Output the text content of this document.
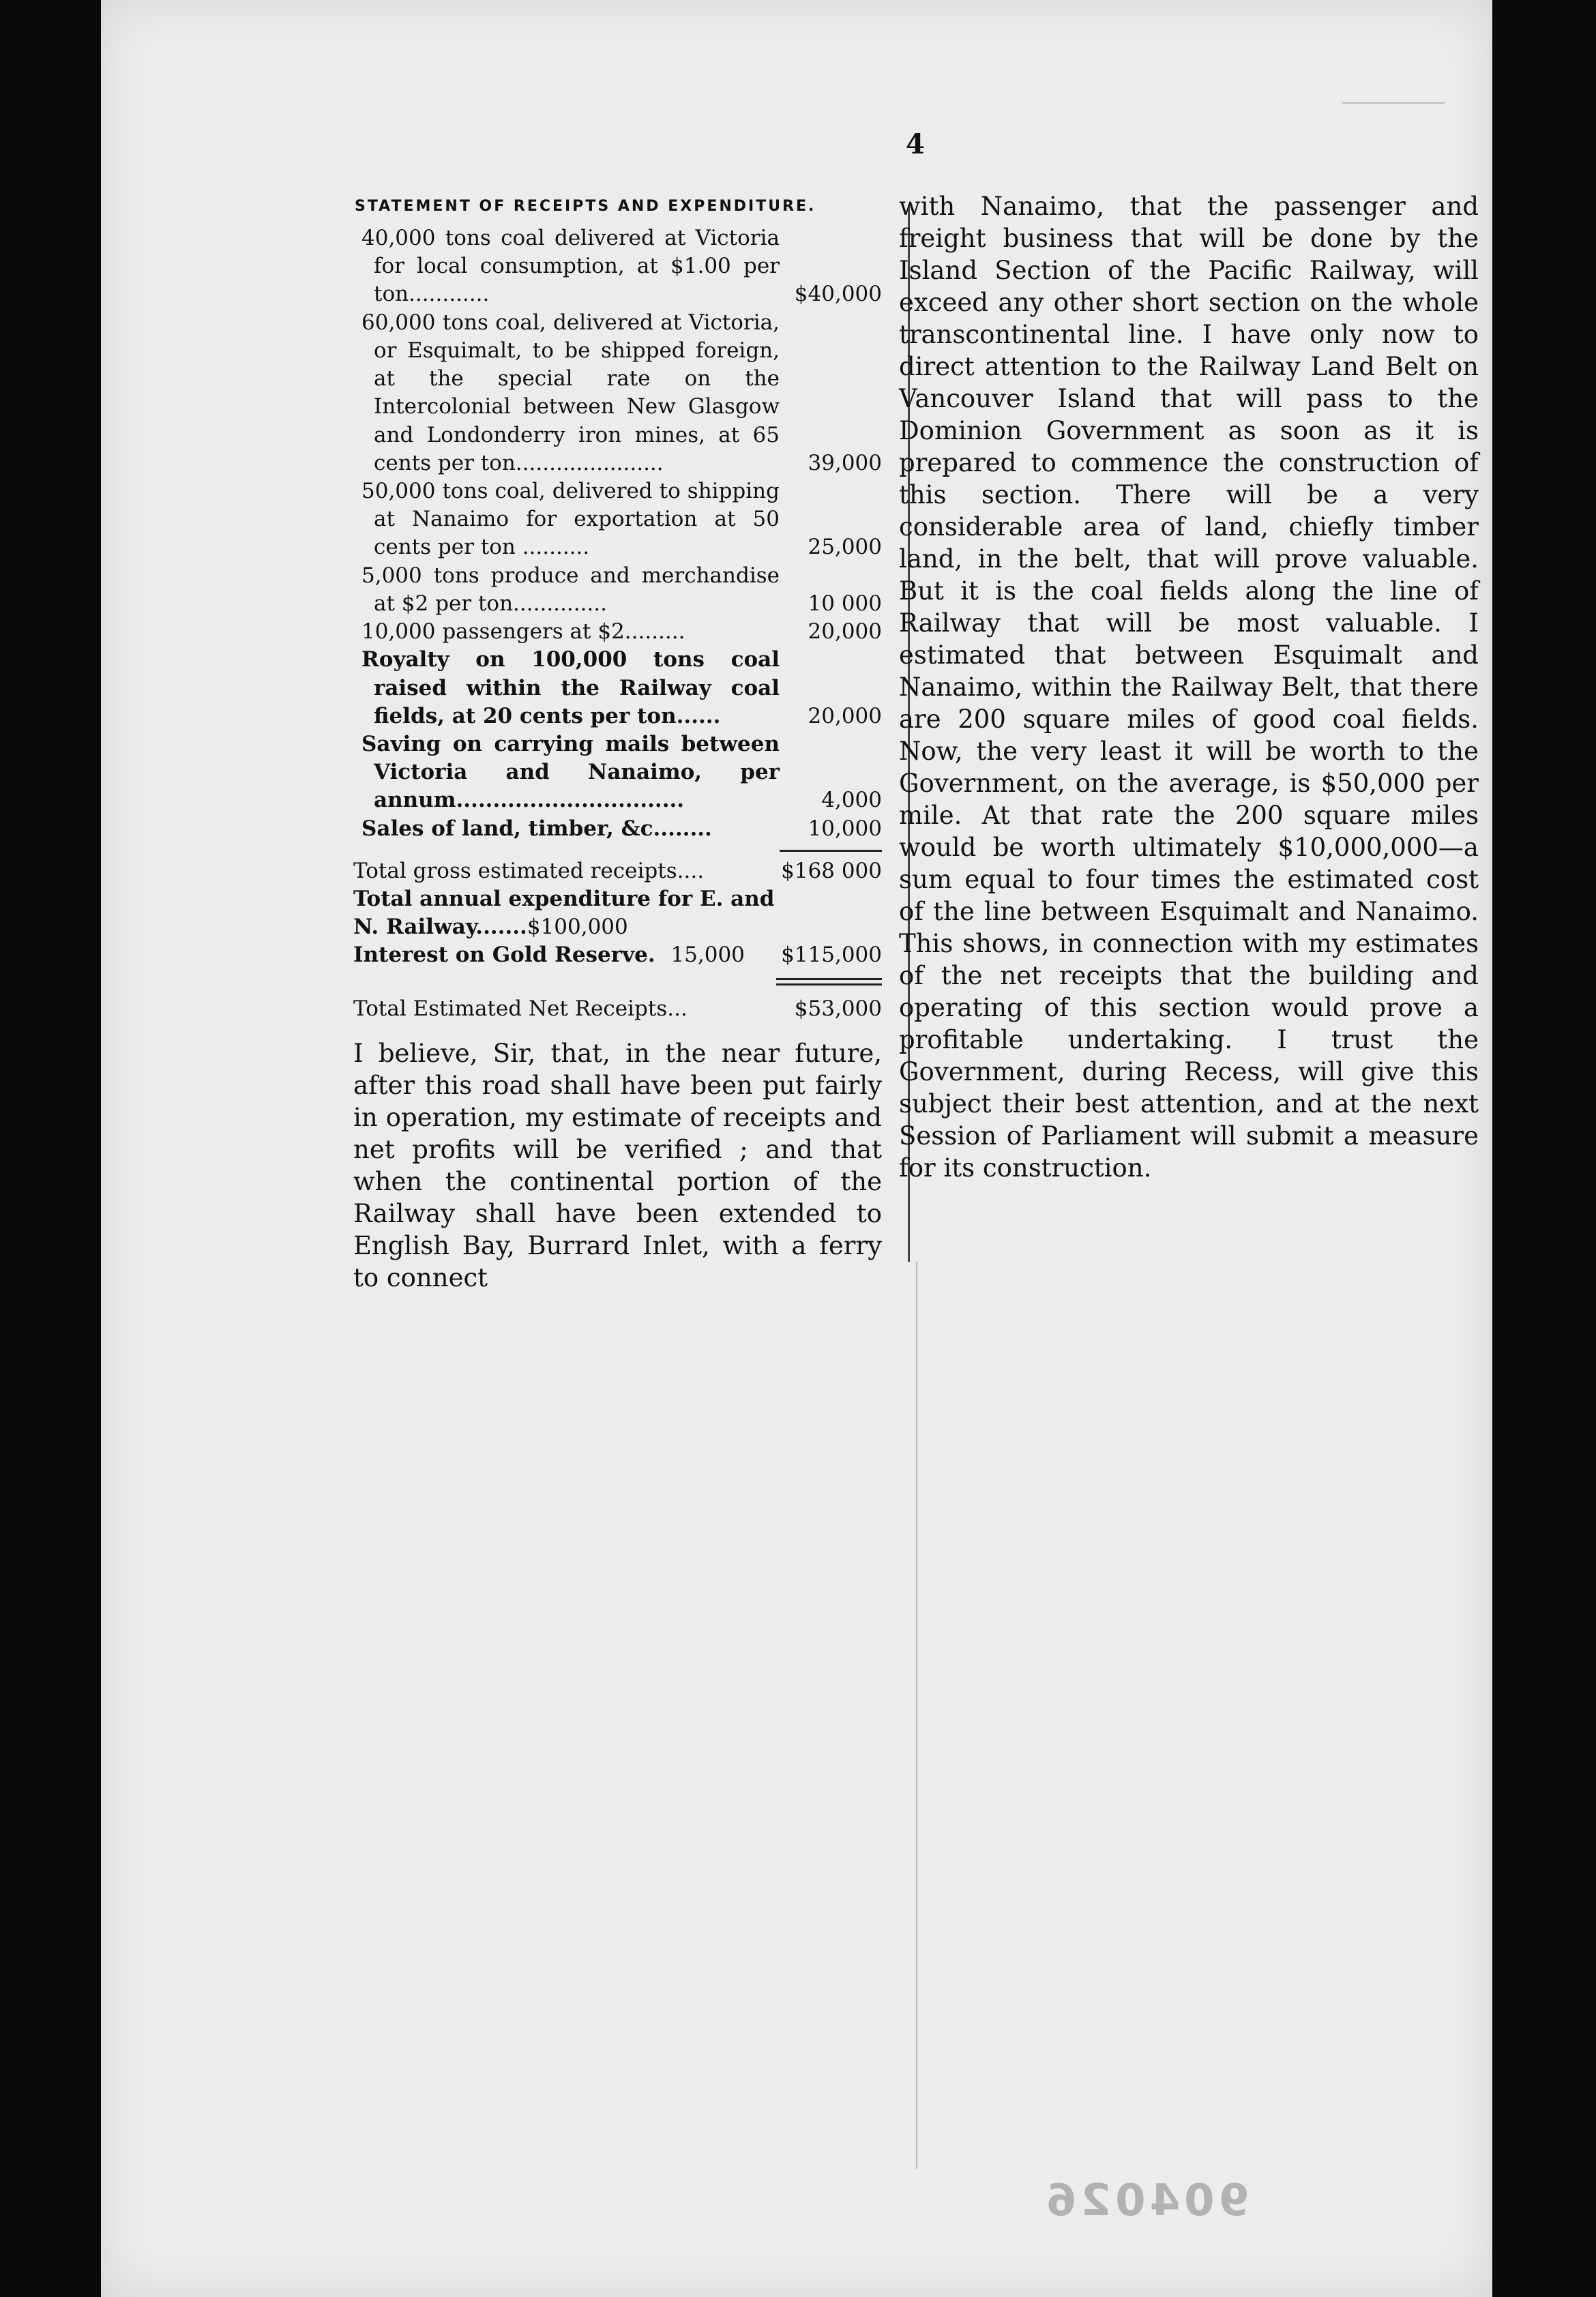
4
STATEMENT OF RECEIPTS AND EXPENDITURE.
40,000 tons coal delivered at Victoria for local consumption, at $1.00 per ton............	$40,000
60,000 tons coal, delivered at Victoria, or Esquimalt, to be shipped foreign, at the special rate on the Intercolonial between New Glasgow and Londonderry iron mines, at 65 cents per ton......................	39,000
50,000 tons coal, delivered to shipping at Nanaimo for exportation at 50 cents per ton ..........	25,000
5,000 tons produce and merchandise at $2 per ton..............	10 000
10,000 passengers at $2.........	20,000
Royalty on 100,000 tons coal raised within the Railway coal fields, at 20 cents per ton......	20,000
Saving on carrying mails between Victoria and Nanaimo, per annum...............................	4,000
Sales of land, timber, &c........	10,000
Total gross estimated receipts....	$168 000
Total annual expenditure for E. and N. Railway.......$100,000
Interest on Gold Reserve. 15,000 $115,000
Total Estimated Net Receipts...	$53,000

I believe, Sir, that, in the near future, after this road shall have been put fairly in operation, my estimate of receipts and net profits will be verified ; and that when the continental portion of the Railway shall have been extended to English Bay, Burrard Inlet, with a ferry to connect

with Nanaimo, that the passenger and freight business that will be done by the Island Section of the Pacific Railway, will exceed any other short section on the whole transcontinental line. I have only now to direct attention to the Railway Land Belt on Vancouver Island that will pass to the Dominion Government as soon as it is prepared to commence the construction of this section. There will be a very considerable area of land, chiefly timber land, in the belt, that will prove valuable. But it is the coal fields along the line of Railway that will be most valuable. I estimated that between Esquimalt and Nanaimo, within the Railway Belt, that there are 200 square miles of good coal fields. Now, the very least it will be worth to the Government, on the average, is $50,000 per mile. At that rate the 200 square miles would be worth ultimately $10,000,000—a sum equal to four times the estimated cost of the line between Esquimalt and Nanaimo. This shows, in connection with my estimates of the net receipts that the building and operating of this section would prove a profitable undertaking. I trust the Government, during Recess, will give this subject their best attention, and at the next Session of Parliament will submit a measure for its construction.

904026
